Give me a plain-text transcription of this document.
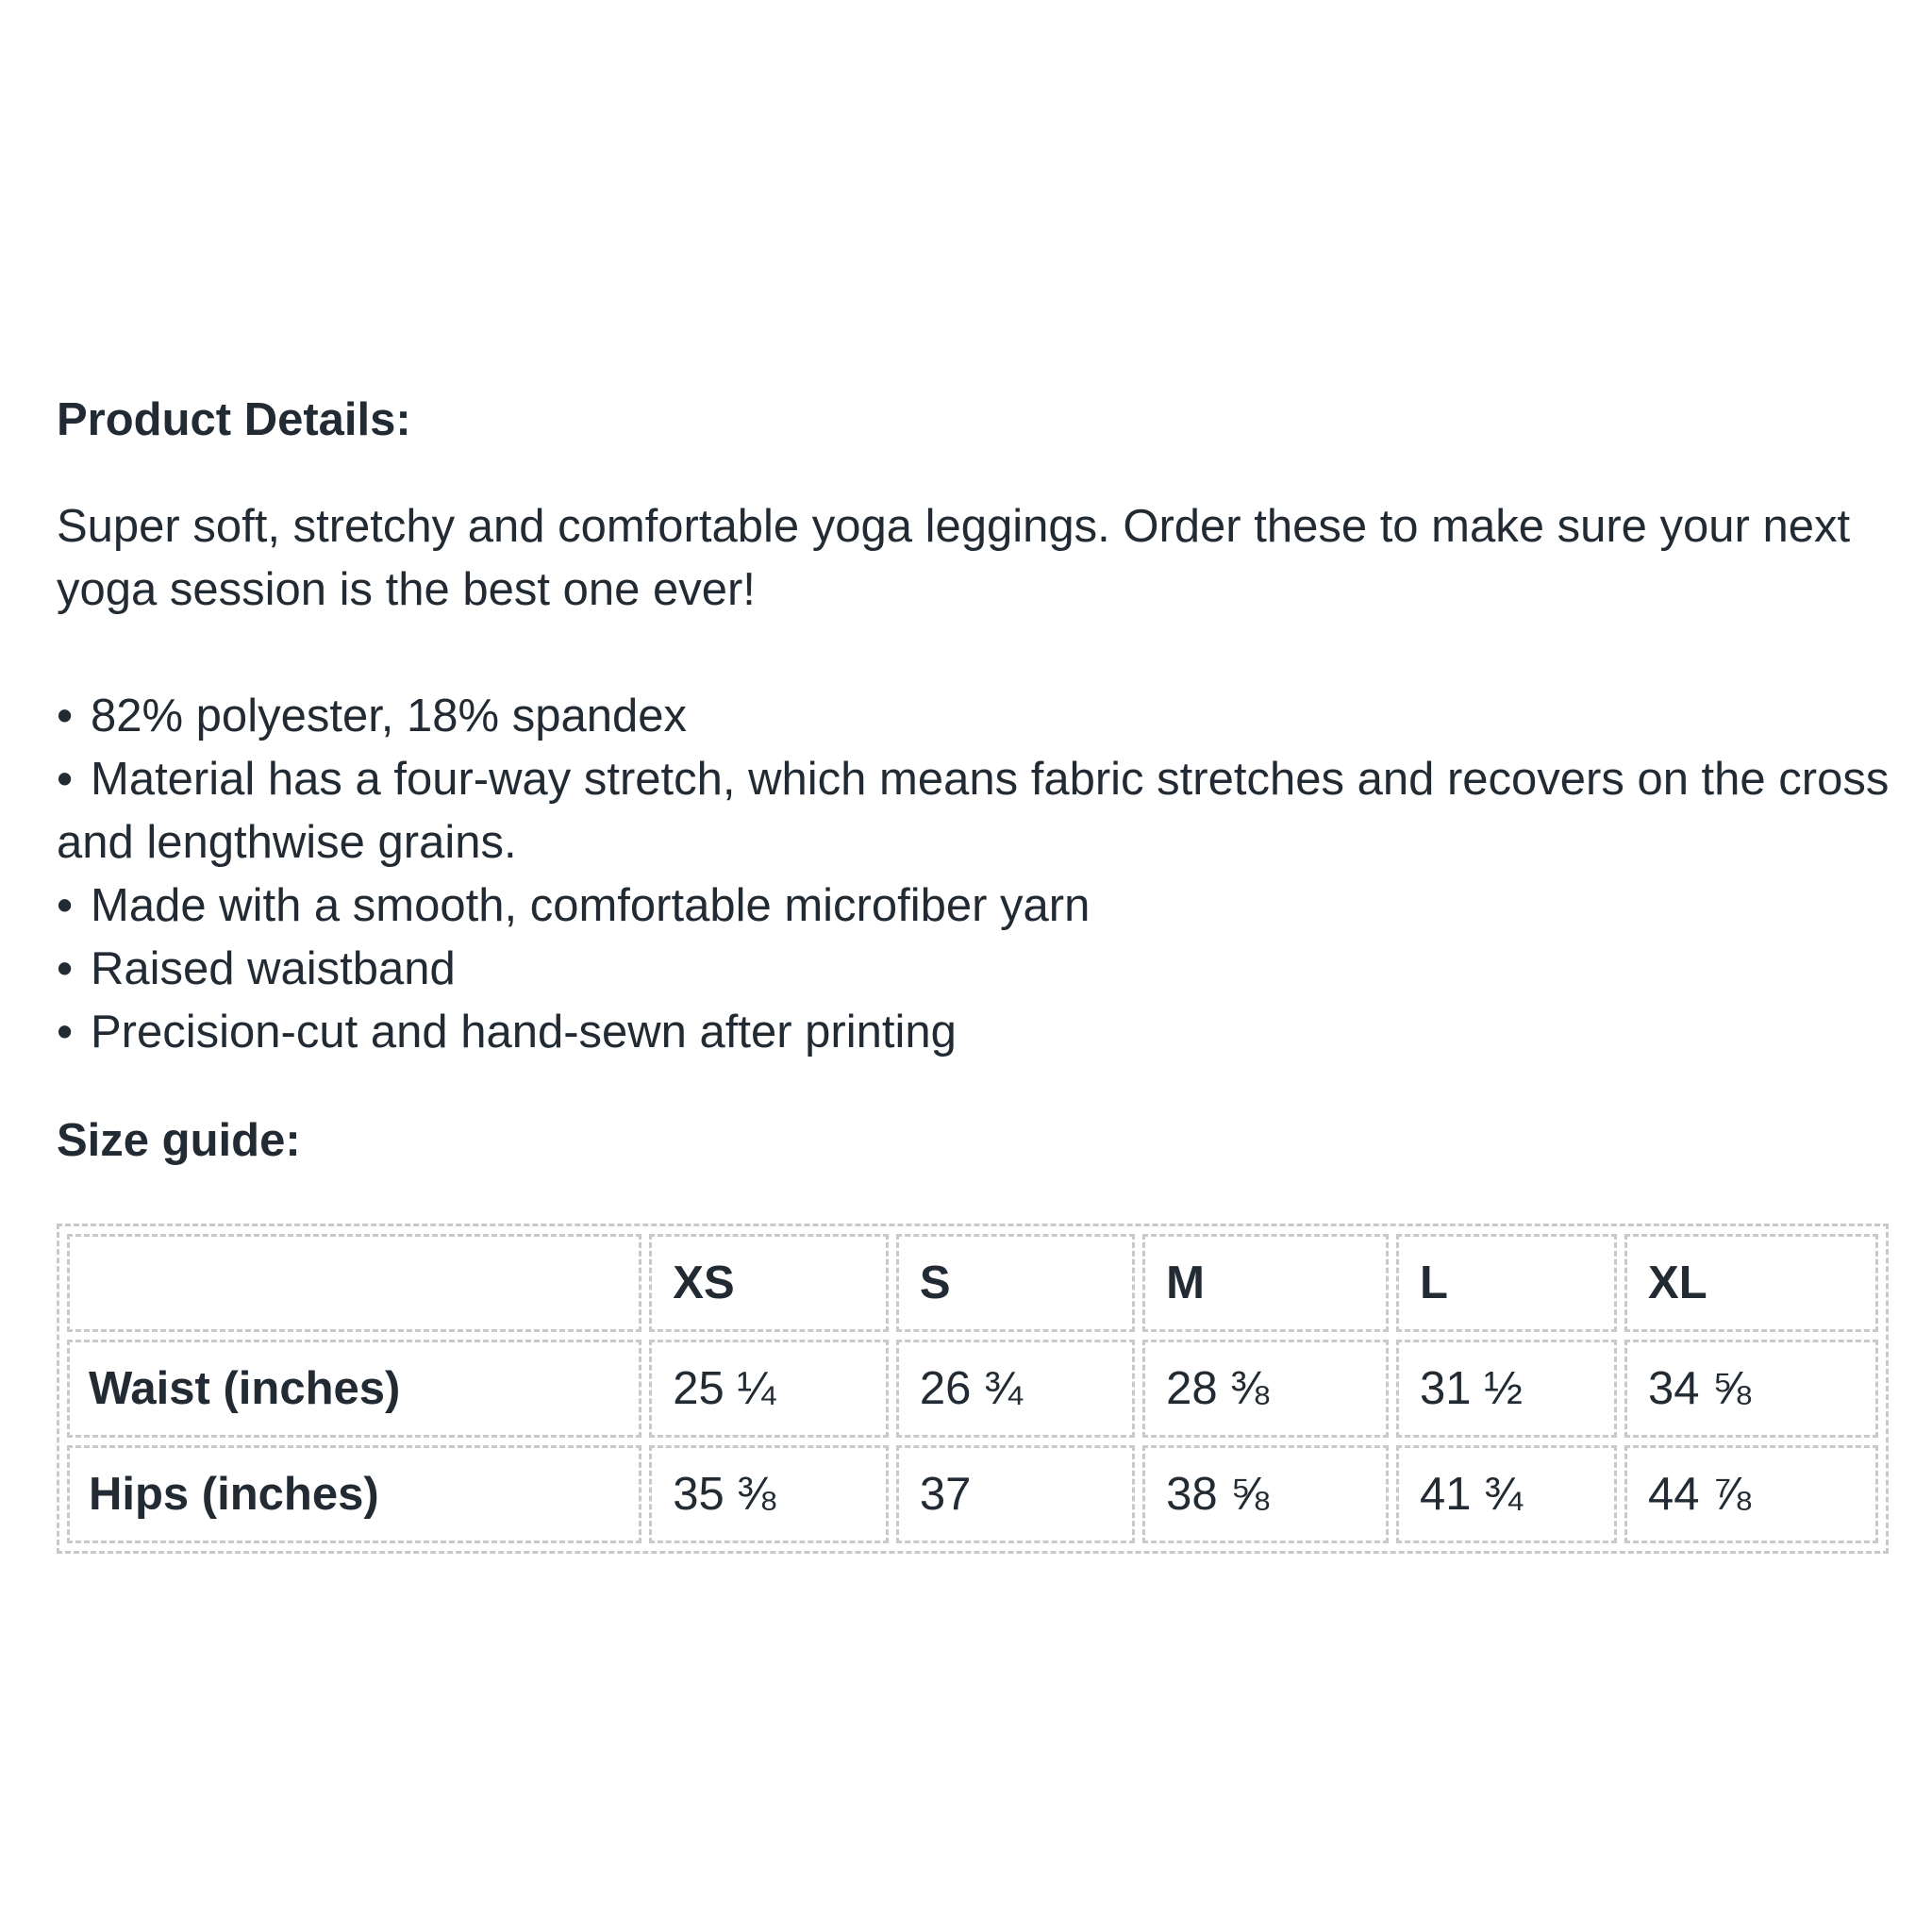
Product Details:

Super soft, stretchy and comfortable yoga leggings. Order these to make sure your next yoga session is the best one ever!

• 82% polyester, 18% spandex
• Material has a four-way stretch, which means fabric stretches and recovers on the cross and lengthwise grains.
• Made with a smooth, comfortable microfiber yarn
• Raised waistband
• Precision-cut and hand-sewn after printing

Size guide:

	XS	S	M	L	XL
Waist (inches)	25 ¼	26 ¾	28 ⅜	31 ½	34 ⅝
Hips (inches)	35 ⅜	37	38 ⅝	41 ¾	44 ⅞
